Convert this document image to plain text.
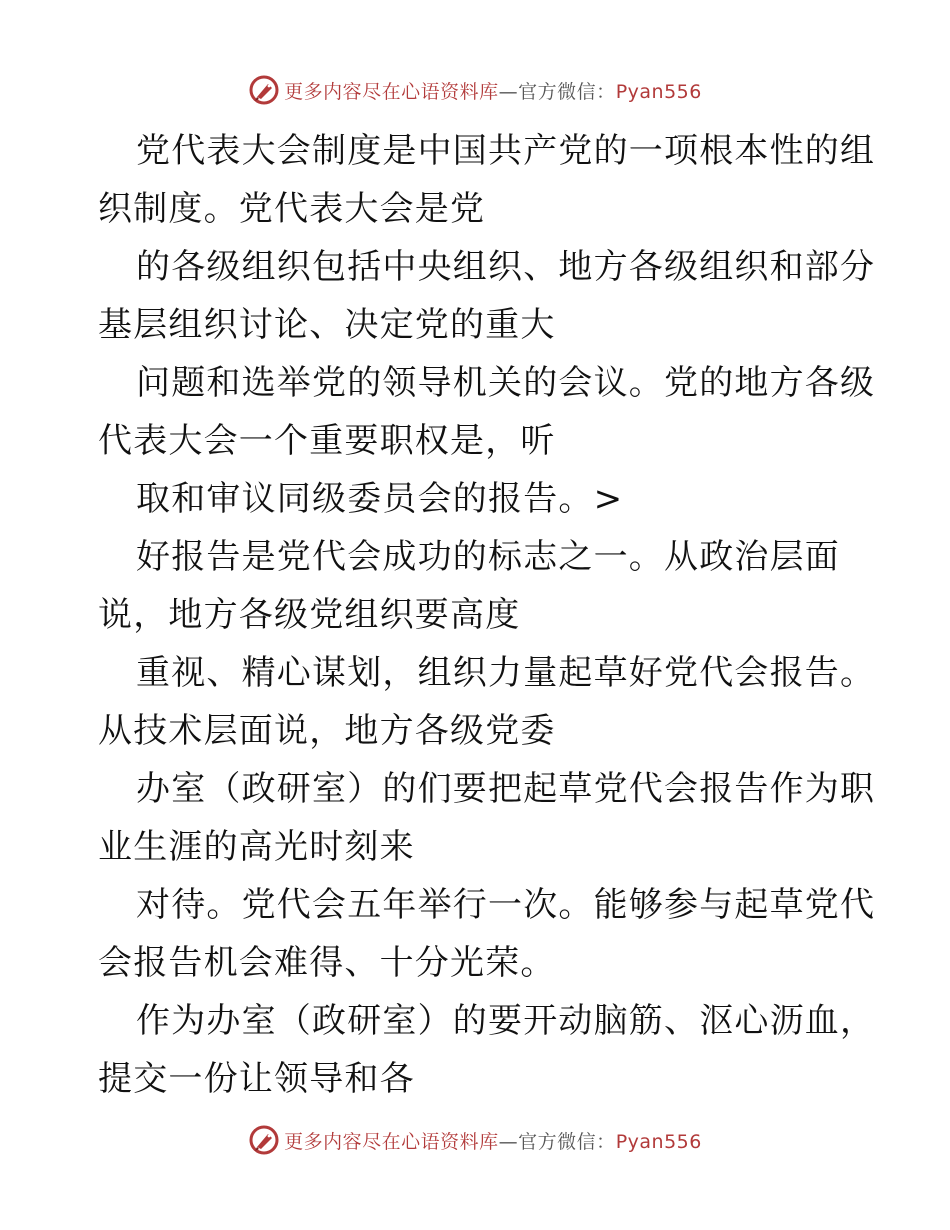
更多内容尽在心语资料库—官方微信：Pyan556
党代表大会制度是中国共产党的一项根本性的组
织制度。党代表大会是党
的各级组织包括中央组织、地方各级组织和部分
基层组织讨论、决定党的重大
问题和选举党的领导机关的会议。党的地方各级
代表大会一个重要职权是，听
取和审议同级委员会的报告。>
好报告是党代会成功的标志之一。从政治层面
说，地方各级党组织要高度
重视、精心谋划，组织力量起草好党代会报告。
从技术层面说，地方各级党委
办室（政研室）的们要把起草党代会报告作为职
业生涯的高光时刻来
对待。党代会五年举行一次。能够参与起草党代
会报告机会难得、十分光荣。
作为办室（政研室）的要开动脑筋、沤心沥血，
提交一份让领导和各
更多内容尽在心语资料库—官方微信：Pyan556
